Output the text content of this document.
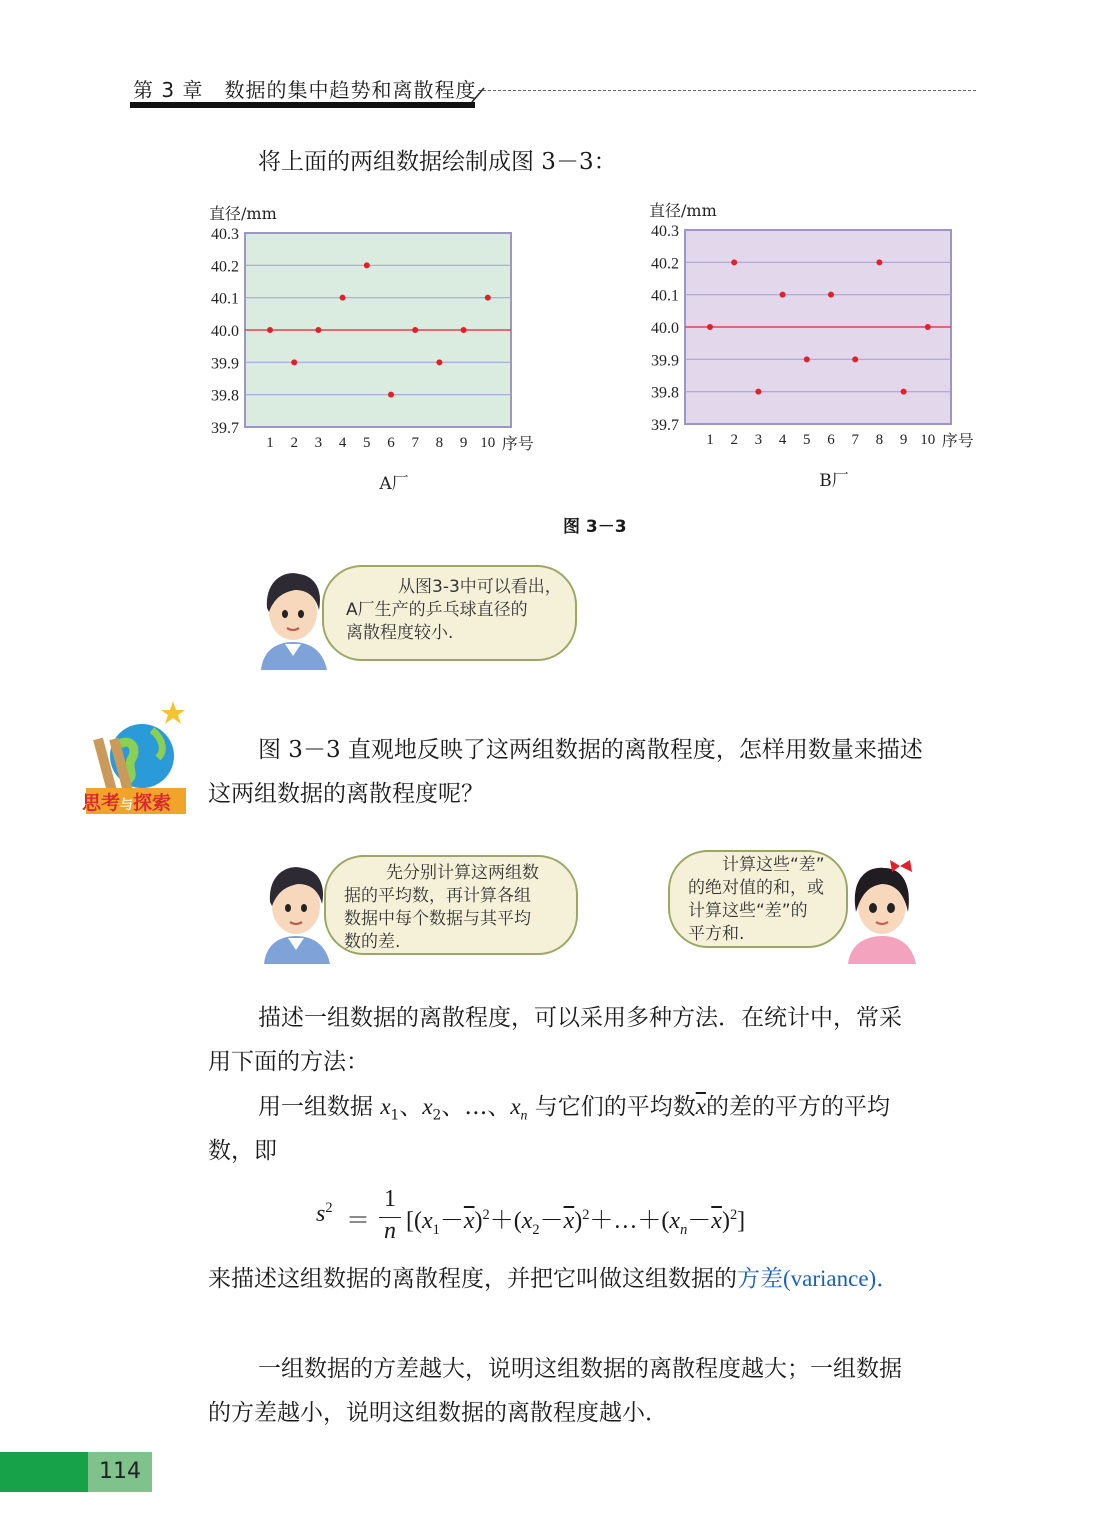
第 3 章　数据的集中趋势和离散程度

将上面的两组数据绘制成图 3－3：

39.7
39.8
39.9
40.0
40.1
40.2
40.3
1 2 3 4 5 6 7 8 9 10 序号
直径/mm
A厂
39.7
39.8
39.9
40.0
40.1
40.2
40.3
1 2 3 4 5 6 7 8 9 10 序号
直径/mm
B厂
图 3－3
从图3-3中可以看出，
A厂生产的乒乓球直径的
离散程度较小.
思考与探索

图 3－3 直观地反映了这两组数据的离散程度，怎样用数量来描述

这两组数据的离散程度呢？

先分别计算这两组数
据的平均数，再计算各组
数据中每个数据与其平均
数的差.
计算这些“差”
的绝对值的和，或
计算这些“差”的
平方和.

描述一组数据的离散程度，可以采用多种方法．在统计中，常采

用下面的方法：

用一组数据 $x_1$、$x_2$、…、$x_n$ 与它们的平均数$\overline{x}$的差的平方的平均

数，即

$s^2$ ＝
1
n $[(x_1-\overline{x})^2+(x_2-\overline{x})^2+\dots+(x_n-\overline{x})^2]$

来描述这组数据的离散程度，并把它叫做这组数据的方差(variance)．

一组数据的方差越大，说明这组数据的离散程度越大；一组数据

的方差越小，说明这组数据的离散程度越小．

114
